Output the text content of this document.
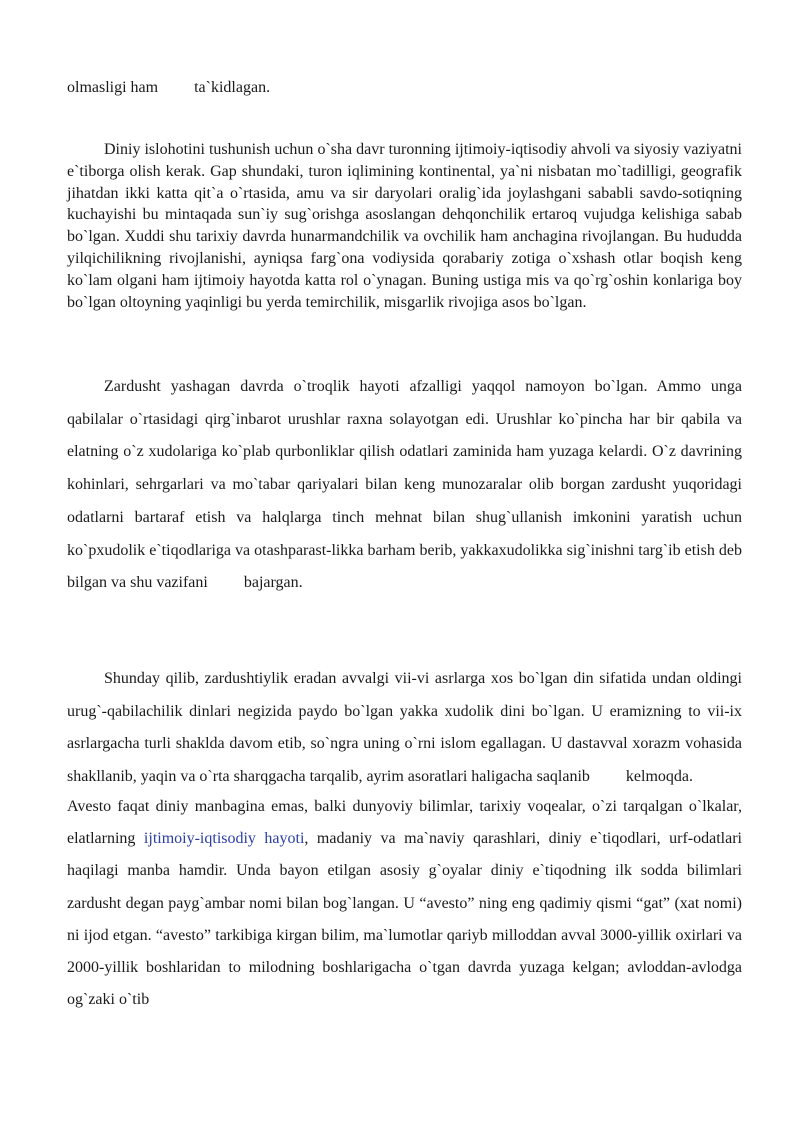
olmasligi ham ta`kidlagan.

Diniy islohotini tushunish uchun o`sha davr turonning ijtimoiy-iqtisodiy ahvoli va siyosiy vaziyatni e`tiborga olish kerak. Gap shundaki, turon iqlimining kontinental, ya`ni nisbatan mo`tadilligi, geografik jihatdan ikki katta qit`a o`rtasida, amu va sir daryolari oralig`ida joylashgani sababli savdo-sotiqning kuchayishi bu mintaqada sun`iy sug`orishga asoslangan dehqonchilik ertaroq vujudga kelishiga sabab bo`lgan. Xuddi shu tarixiy davrda hunarmandchilik va ovchilik ham anchagina rivojlangan. Bu hududda yilqichilikning rivojlanishi, ayniqsa farg`ona vodiysida qorabariy zotiga o`xshash otlar boqish keng ko`lam olgani ham ijtimoiy hayotda katta rol o`ynagan. Buning ustiga mis va qo`rg`oshin konlariga boy bo`lgan oltoyning yaqinligi bu yerda temirchilik, misgarlik rivojiga asos bo`lgan.

Zardusht yashagan davrda o`troqlik hayoti afzalligi yaqqol namoyon bo`lgan. Ammo unga qabilalar o`rtasidagi qirg`inbarot urushlar raxna solayotgan edi. Urushlar ko`pincha har bir qabila va elatning o`z xudolariga ko`plab qurbonliklar qilish odatlari zaminida ham yuzaga kelardi. O`z davrining kohinlari, sehrgarlari va mo`tabar qariyalari bilan keng munozaralar olib borgan zardusht yuqoridagi odatlarni bartaraf etish va halqlarga tinch mehnat bilan shug`ullanish imkonini yaratish uchun ko`pxudolik e`tiqodlariga va otashparast-likka barham berib, yakkaxudolikka sig`inishni targ`ib etish deb bilgan va shu vazifani bajargan.

Shunday qilib, zardushtiylik eradan avvalgi vii-vi asrlarga xos bo`lgan din sifatida undan oldingi urug`-qabilachilik dinlari negizida paydo bo`lgan yakka xudolik dini bo`lgan. U eramizning to vii-ix asrlargacha turli shaklda davom etib, so`ngra uning o`rni islom egallagan. U dastavval xorazm vohasida shakllanib, yaqin va o`rta sharqgacha tarqalib, ayrim asoratlari haligacha saqlanib kelmoqda.

Avesto faqat diniy manbagina emas, balki dunyoviy bilimlar, tarixiy voqealar, o`zi tarqalgan o`lkalar, elatlarning ijtimoiy-iqtisodiy hayoti, madaniy va ma`naviy qarashlari, diniy e`tiqodlari, urf-odatlari haqilagi manba hamdir. Unda bayon etilgan asosiy g`oyalar diniy e`tiqodning ilk sodda bilimlari zardusht degan payg`ambar nomi bilan bog`langan. U “avesto” ning eng qadimiy qismi “gat” (xat nomi) ni ijod etgan. “avesto” tarkibiga kirgan bilim, ma`lumotlar qariyb milloddan avval 3000-yillik oxirlari va 2000-yillik boshlaridan to milodning boshlarigacha o`tgan davrda yuzaga kelgan; avloddan-avlodga og`zaki o`tib
